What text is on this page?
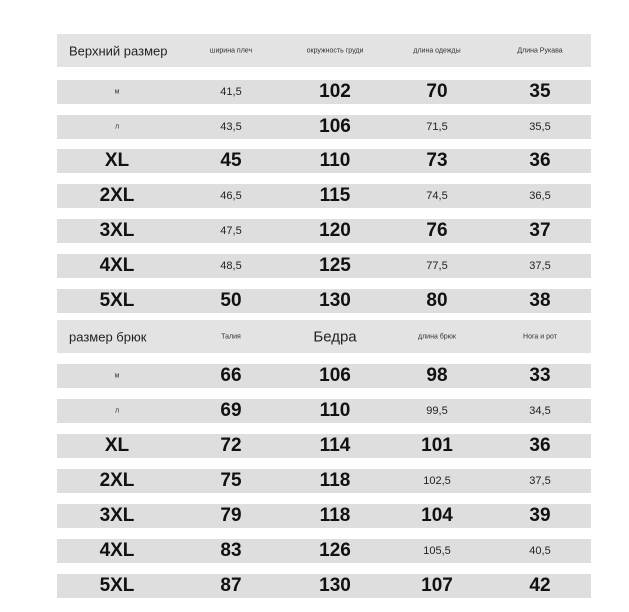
Верхний размер	ширина плеч	окружность груди	длина одежды	Длина Рукава
м	41,5	102	70	35
л	43,5	106	71,5	35,5
XL	45	110	73	36
2XL	46,5	115	74,5	36,5
3XL	47,5	120	76	37
4XL	48,5	125	77,5	37,5
5XL	50	130	80	38
размер брюк	Талия	Бедра	длина брюк	Нога и рот
м	66	106	98	33
л	69	110	99,5	34,5
XL	72	114	101	36
2XL	75	118	102,5	37,5
3XL	79	118	104	39
4XL	83	126	105,5	40,5
5XL	87	130	107	42
